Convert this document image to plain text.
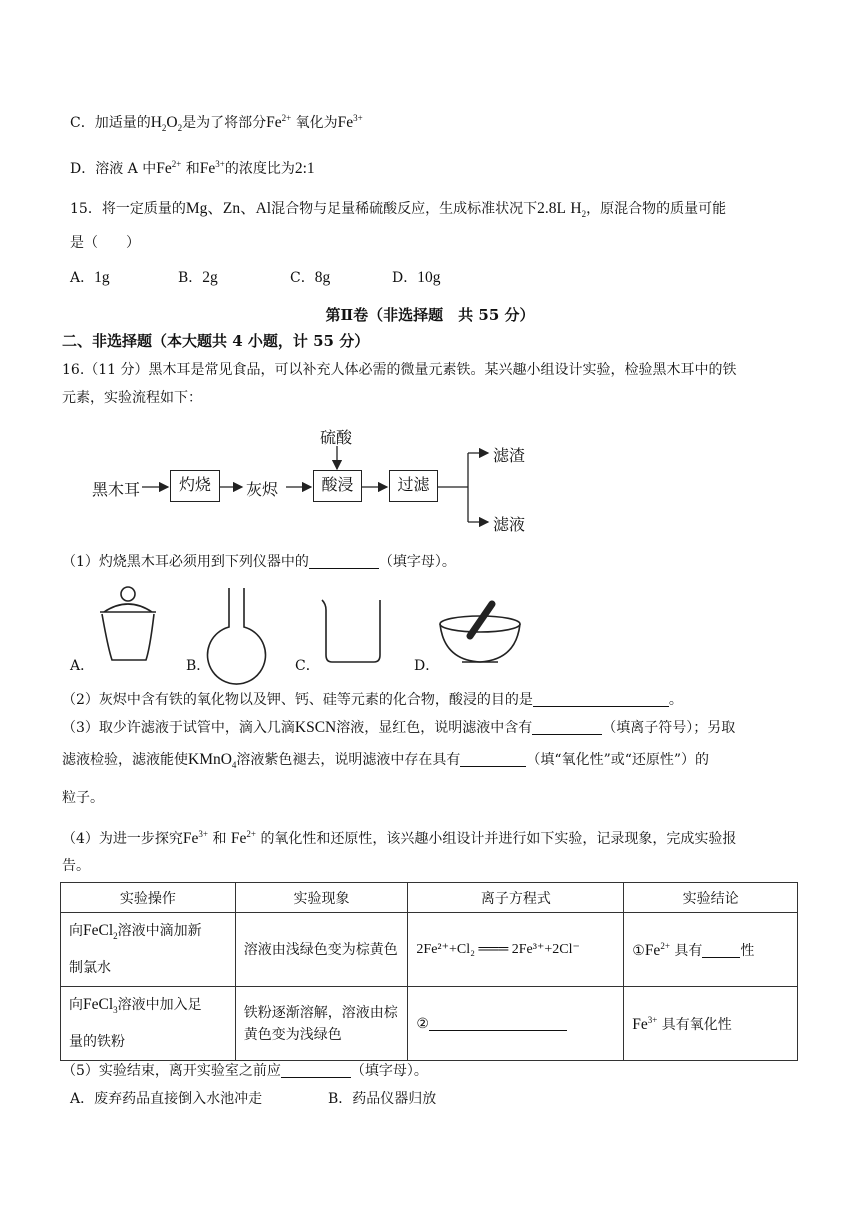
C．加适量的$H_2O_2$是为了将部分$Fe^{2+}$ 氧化为$Fe^{3+}$
D．溶液 A 中$Fe^{2+}$ 和$Fe^{3+}$的浓度比为2:1
15．将一定质量的Mg、Zn、Al混合物与足量稀硫酸反应，生成标准状况下2.8L $H_2$，原混合物的质量可能
是（　　）
A．1g	B．2g	C．8g	D．10g
第Ⅱ卷（非选择题　共 55 分）
二、非选择题（本大题共 4 小题，计 55 分）
16.（11 分）黑木耳是常见食品，可以补充人体必需的微量元素铁。某兴趣小组设计实验，检验黑木耳中的铁
元素，实验流程如下：
黑木耳	灼烧	灰烬
硫酸
酸浸	过滤
滤渣
滤液
（1）灼烧黑木耳必须用到下列仪器中的	（填字母）。
A．	B．	C．	D．
（2）灰烬中含有铁的氧化物以及钾、钙、硅等元素的化合物，酸浸的目的是	。
（3）取少许滤液于试管中，滴入几滴KSCN溶液，显红色，说明滤液中含有	（填离子符号）；另取
滤液检验，滤液能使KMnO$_4$溶液紫色褪去，说明滤液中存在具有	（填“氧化性”或“还原性”）的
粒子。
（4）为进一步探究$Fe^{3+}$ 和 $Fe^{2+}$ 的氧化性和还原性，该兴趣小组设计并进行如下实验，记录现象，完成实验报
告。
实验操作	实验现象	离子方程式	实验结论
向FeCl$_2$溶液中滴加新
制氯水	溶液由浅绿色变为棕黄色	2Fe²⁺+Cl₂ ═══ 2Fe³⁺+2Cl⁻	$①Fe^{2+}$ 具有 性
向FeCl$_3$溶液中加入足
量的铁粉	铁粉逐渐溶解，溶液由棕黄色变为浅绿色	②	$Fe^{3+}$ 具有氧化性
（5）实验结束，离开实验室之前应	（填字母）。
A．废弃药品直接倒入水池冲走	B．药品仪器归放
